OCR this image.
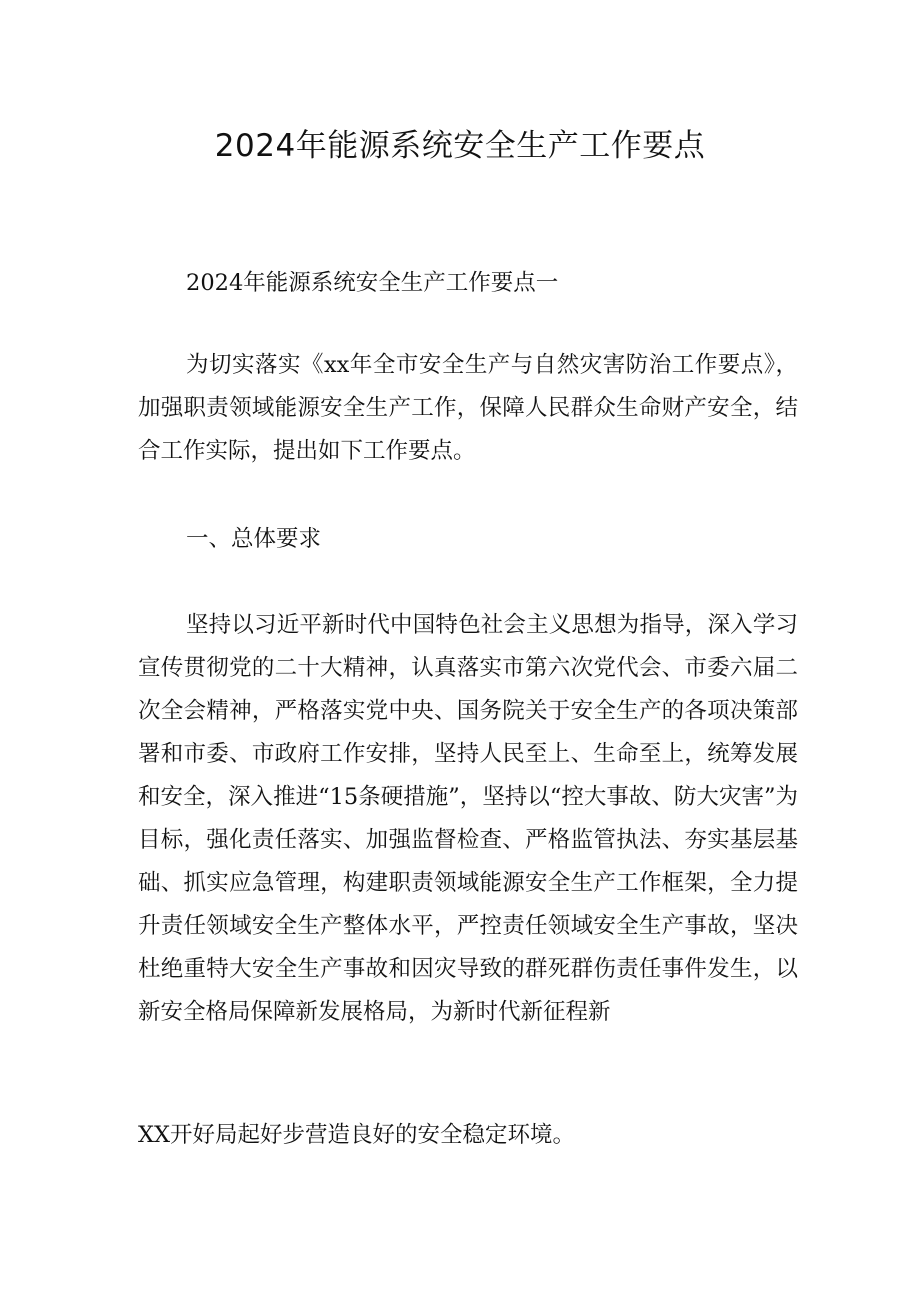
2024年能源系统安全生产工作要点

2024年能源系统安全生产工作要点一

为切实落实《xx年全市安全生产与自然灾害防治工作要点》，加强职责领域能源安全生产工作，保障人民群众生命财产安全，结合工作实际，提出如下工作要点。

一、总体要求

坚持以习近平新时代中国特色社会主义思想为指导，深入学习宣传贯彻党的二十大精神，认真落实市第六次党代会、市委六届二次全会精神，严格落实党中央、国务院关于安全生产的各项决策部署和市委、市政府工作安排，坚持人民至上、生命至上，统筹发展和安全，深入推进“15条硬措施”，坚持以“控大事故、防大灾害”为目标，强化责任落实、加强监督检查、严格监管执法、夯实基层基础、抓实应急管理，构建职责领域能源安全生产工作框架，全力提升责任领域安全生产整体水平，严控责任领域安全生产事故，坚决杜绝重特大安全生产事故和因灾导致的群死群伤责任事件发生，以新安全格局保障新发展格局，为新时代新征程新

XX开好局起好步营造良好的安全稳定环境。
